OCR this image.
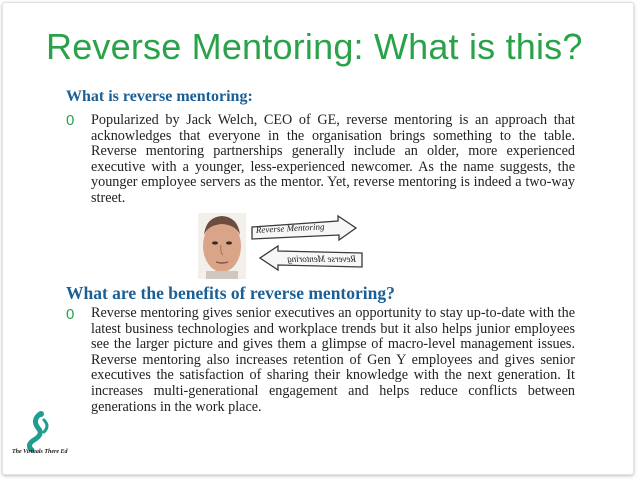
Reverse Mentoring: What is this?
What is reverse mentoring:
0 Popularized by Jack Welch, CEO of GE, reverse mentoring is an approach that acknowledges that everyone in the organisation brings something to the table. Reverse mentoring partnerships generally include an older, more experienced executive with a younger, less-experienced newcomer. As the name suggests, the younger employee servers as the mentor. Yet, reverse mentoring is indeed a two-way street.
Reverse Mentoring
Reverse Mentoring
What are the benefits of reverse mentoring?
0 Reverse mentoring gives senior executives an opportunity to stay up-to-date with the latest business technologies and workplace trends but it also helps junior employees see the larger picture and gives them a glimpse of macro-level management issues. Reverse mentoring also increases retention of Gen Y employees and gives senior executives the satisfaction of sharing their knowledge with the next generation. It increases multi-generational engagement and helps reduce conflicts between generations in the work place.
The Virtuals There Ed
